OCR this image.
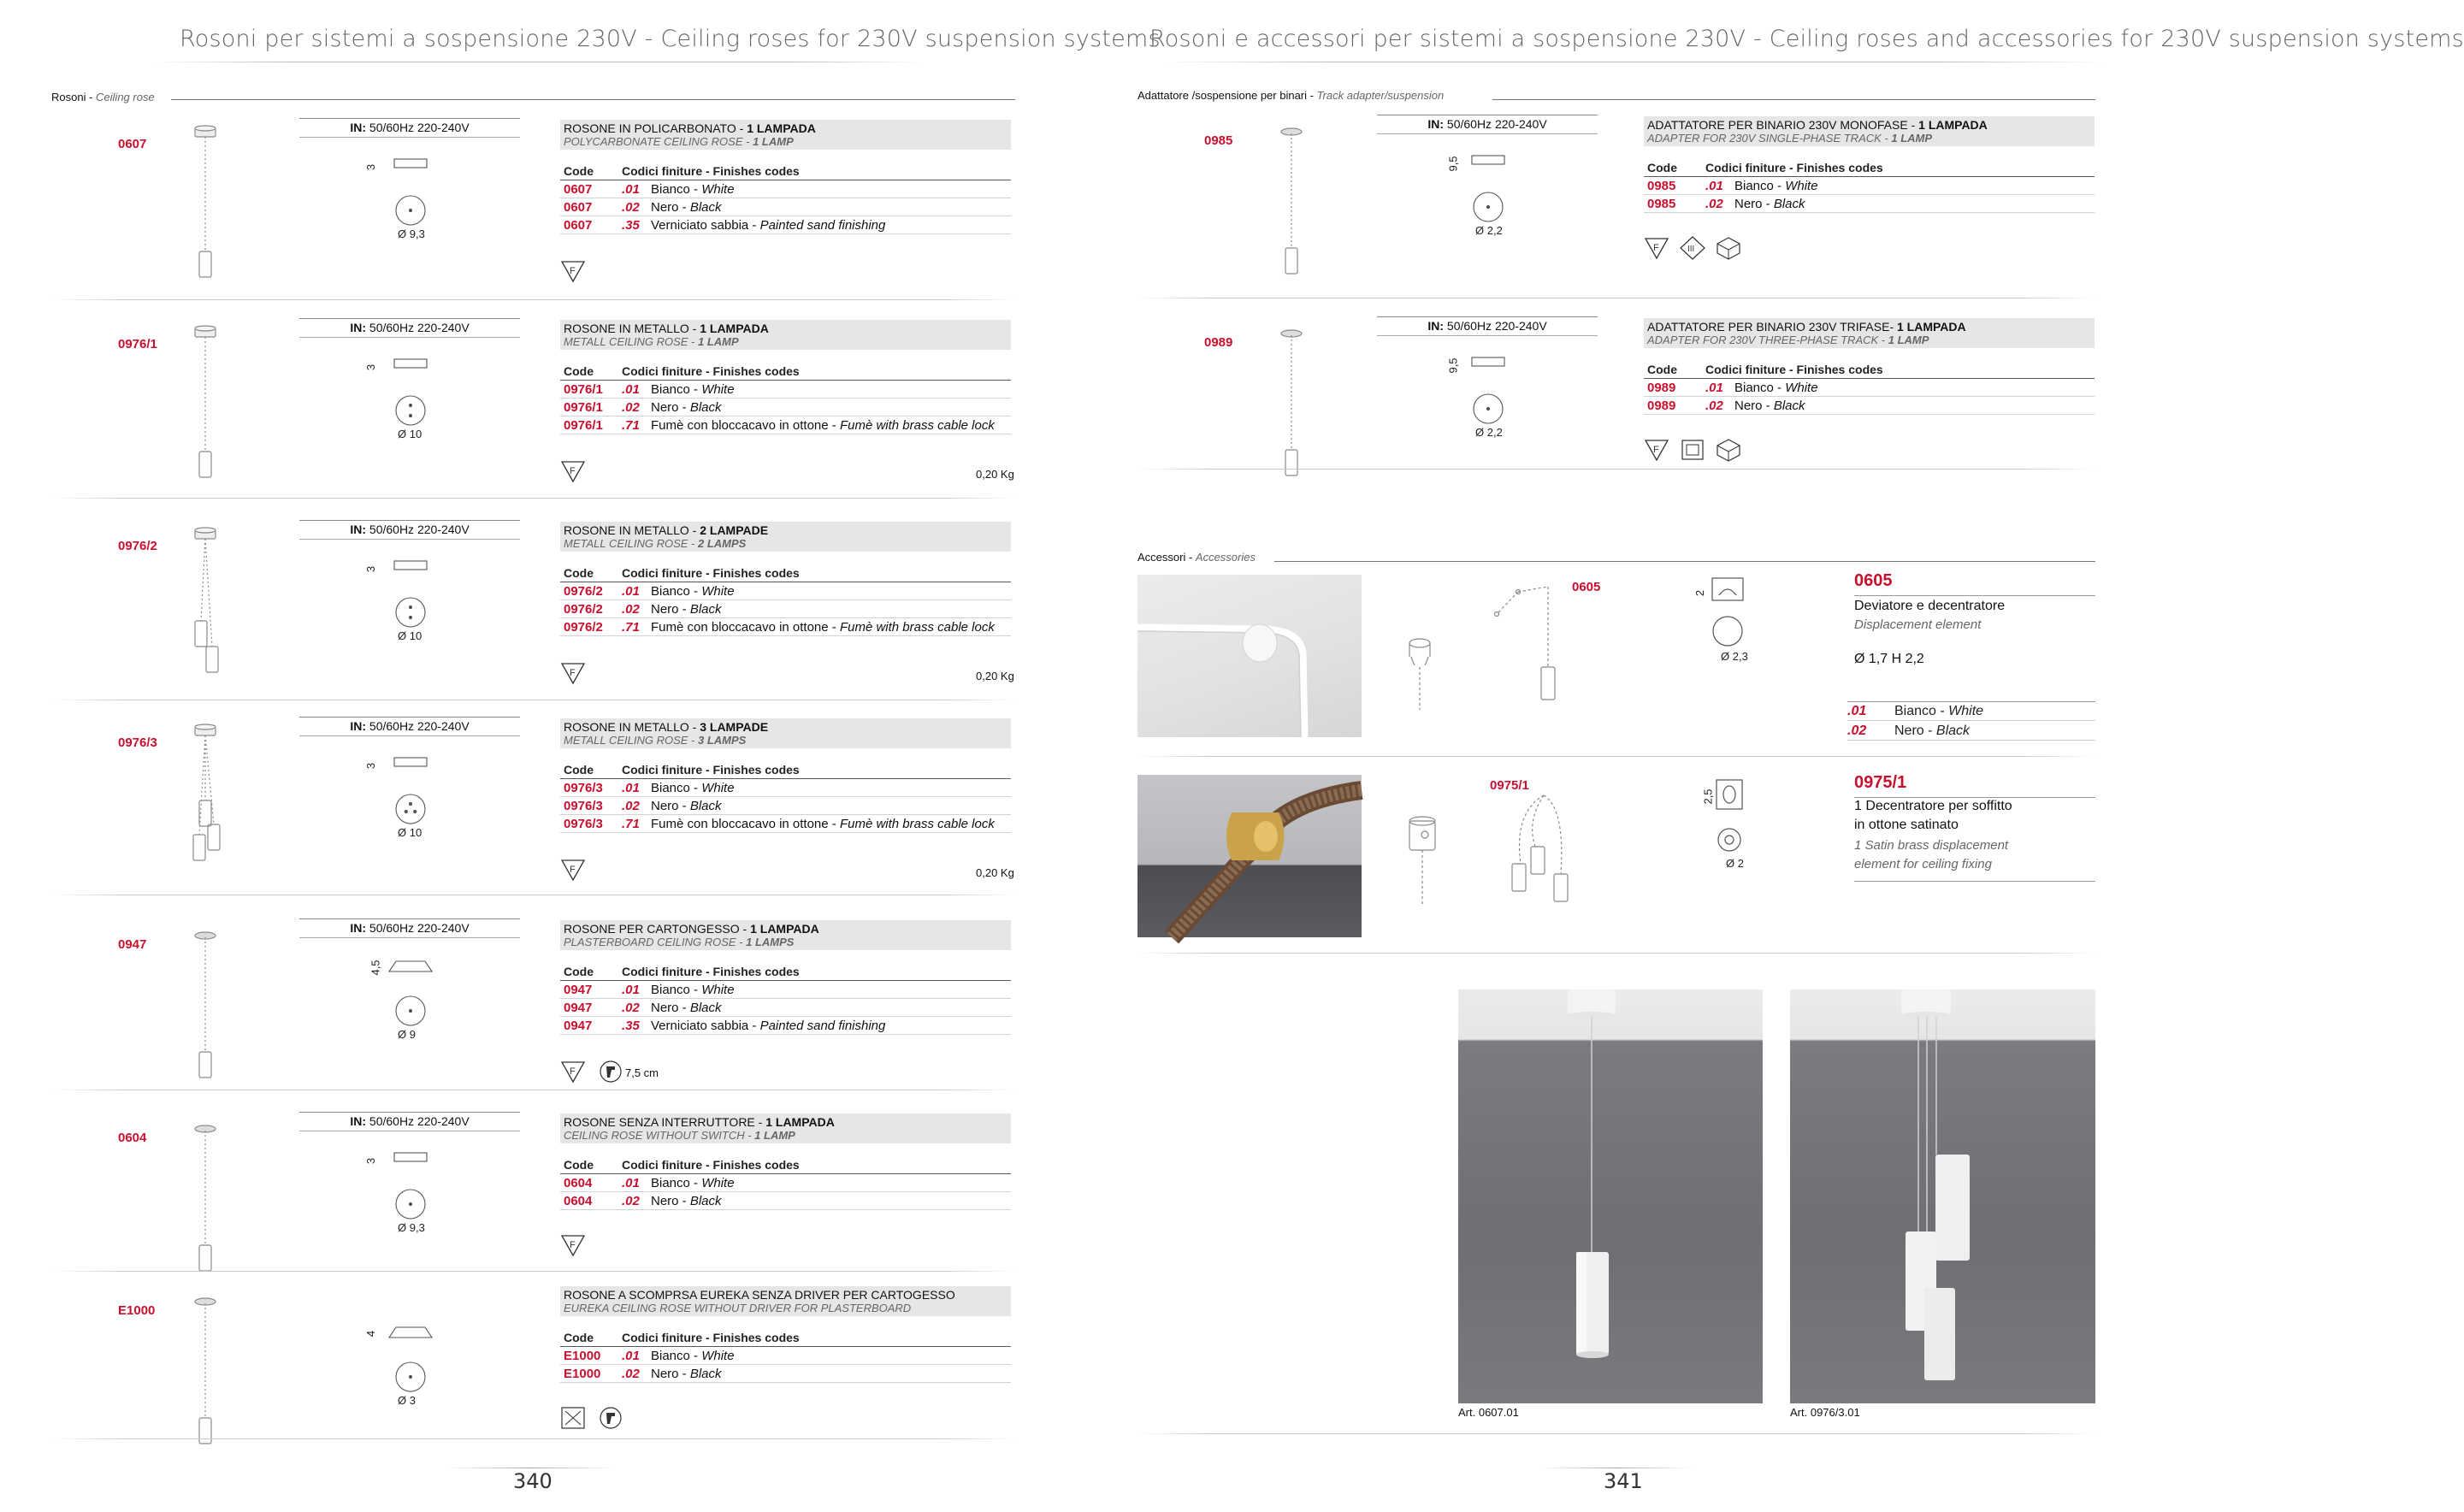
Rosoni per sistemi a sospensione 230V - Ceiling roses for 230V suspension systems
Rosoni - Ceiling rose
0607
IN: 50/60Hz 220-240V
3
Ø 9,3
ROSONE IN POLICARBONATO - 1 LAMPADA
POLYCARBONATE CEILING ROSE - 1 LAMP
Code	Codici finiture - Finishes codes
0607	.01 Bianco - White
0607	.02 Nero - Black
0607	.35 Verniciato sabbia - Painted sand finishing
F
0976/1
IN: 50/60Hz 220-240V
3
Ø 10
ROSONE IN METALLO - 1 LAMPADA
METALL CEILING ROSE - 1 LAMP
Code	Codici finiture - Finishes codes
0976/1	.01 Bianco - White
0976/1	.02 Nero - Black
0976/1	.71 Fumè con bloccacavo in ottone - Fumè with brass cable lock
F	0,20 Kg
0976/2
IN: 50/60Hz 220-240V
3
Ø 10
ROSONE IN METALLO - 2 LAMPADE
METALL CEILING ROSE - 2 LAMPS
Code	Codici finiture - Finishes codes
0976/2	.01 Bianco - White
0976/2	.02 Nero - Black
0976/2	.71 Fumè con bloccacavo in ottone - Fumè with brass cable lock
F	0,20 Kg
0976/3
IN: 50/60Hz 220-240V
3
Ø 10
ROSONE IN METALLO - 3 LAMPADE
METALL CEILING ROSE - 3 LAMPS
Code	Codici finiture - Finishes codes
0976/3	.01 Bianco - White
0976/3	.02 Nero - Black
0976/3	.71 Fumè con bloccacavo in ottone - Fumè with brass cable lock
F	0,20 Kg
0947
IN: 50/60Hz 220-240V
4,5
Ø 9
ROSONE PER CARTONGESSO - 1 LAMPADA
PLASTERBOARD CEILING ROSE - 1 LAMPS
Code	Codici finiture - Finishes codes
0947	.01 Bianco - White
0947	.02 Nero - Black
0947	.35 Verniciato sabbia - Painted sand finishing
F	7,5 cm
0604
IN: 50/60Hz 220-240V
3
Ø 9,3
ROSONE SENZA INTERRUTTORE - 1 LAMPADA
CEILING ROSE WITHOUT SWITCH - 1 LAMP
Code	Codici finiture - Finishes codes
0604	.01 Bianco - White
0604	.02 Nero - Black
F
E1000
4
Ø 3
ROSONE A SCOMPRSA EUREKA SENZA DRIVER PER CARTOGESSO
EUREKA CEILING ROSE WITHOUT DRIVER FOR PLASTERBOARD
Code	Codici finiture - Finishes codes
E1000	.01 Bianco - White
E1000	.02 Nero - Black
340
Rosoni e accessori per sistemi a sospensione 230V - Ceiling roses and accessories for 230V suspension systems
Adattatore /sospensione per binari - Track adapter/suspension
0985
IN: 50/60Hz 220-240V
9,5
Ø 2,2
ADATTATORE PER BINARIO 230V MONOFASE - 1 LAMPADA
ADAPTER FOR 230V SINGLE-PHASE TRACK - 1 LAMP
Code	Codici finiture - Finishes codes
0985	.01 Bianco - White
0985	.02 Nero - Black
F	III
0989
IN: 50/60Hz 220-240V
9,5
Ø 2,2
ADATTATORE PER BINARIO 230V TRIFASE- 1 LAMPADA
ADAPTER FOR 230V THREE-PHASE TRACK - 1 LAMP
Code	Codici finiture - Finishes codes
0989	.01 Bianco - White
0989	.02 Nero - Black
F
Accessori - Accessories
0605	2
Ø 2,3
0605
Deviatore e decentratore
Displacement element
Ø 1,7 H 2,2
.01	Bianco - White
.02	Nero - Black
0975/1
2,5
Ø 2
0975/1
1 Decentratore per soffitto
in ottone satinato
1 Satin brass displacement
element for ceiling fixing
Art. 0607.01	Art. 0976/3.01
341
